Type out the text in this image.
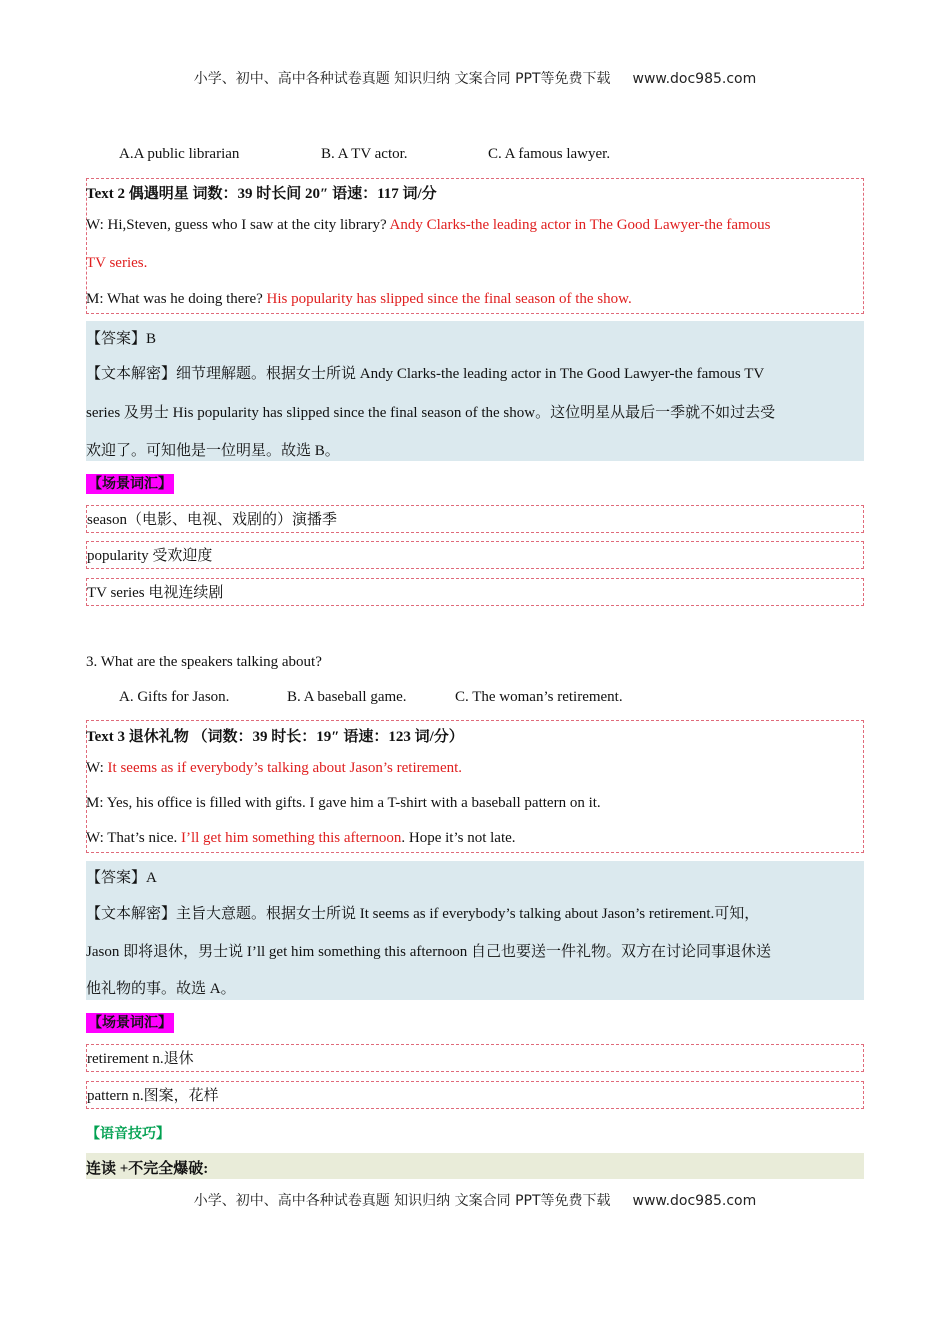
小学、初中、高中各种试卷真题 知识归纳 文案合同 PPT等免费下载 www.doc985.com
A.A public librarian	B. A TV actor.	C. A famous lawyer.
Text 2 偶遇明星 词数：39 时长间 20″ 语速：117 词/分
W: Hi,Steven, guess who I saw at the city library? Andy Clarks-the leading actor in The Good Lawyer-the famous
TV series.
M: What was he doing there? His popularity has slipped since the final season of the show.
【答案】B
【文本解密】细节理解题。根据女士所说 Andy Clarks-the leading actor in The Good Lawyer-the famous TV
series 及男士 His popularity has slipped since the final season of the show。这位明星从最后一季就不如过去受
欢迎了。可知他是一位明星。故选 B。
【场景词汇】
season（电影、电视、戏剧的）演播季
popularity 受欢迎度
TV series 电视连续剧
3. What are the speakers talking about?
A. Gifts for Jason.	B. A baseball game.	C. The woman’s retirement.
Text 3 退休礼物 （词数：39 时长：19″ 语速：123 词/分）
W: It seems as if everybody’s talking about Jason’s retirement.
M: Yes, his office is filled with gifts. I gave him a T-shirt with a baseball pattern on it.
W: That’s nice. I’ll get him something this afternoon. Hope it’s not late.
【答案】A
【文本解密】主旨大意题。根据女士所说 It seems as if everybody’s talking about Jason’s retirement.可知，
Jason 即将退休，男士说 I’ll get him something this afternoon 自己也要送一件礼物。双方在讨论同事退休送
他礼物的事。故选 A。
【场景词汇】
retirement n.退休
pattern n.图案，花样
【语音技巧】
连读 +不完全爆破:
小学、初中、高中各种试卷真题 知识归纳 文案合同 PPT等免费下载 www.doc985.com
